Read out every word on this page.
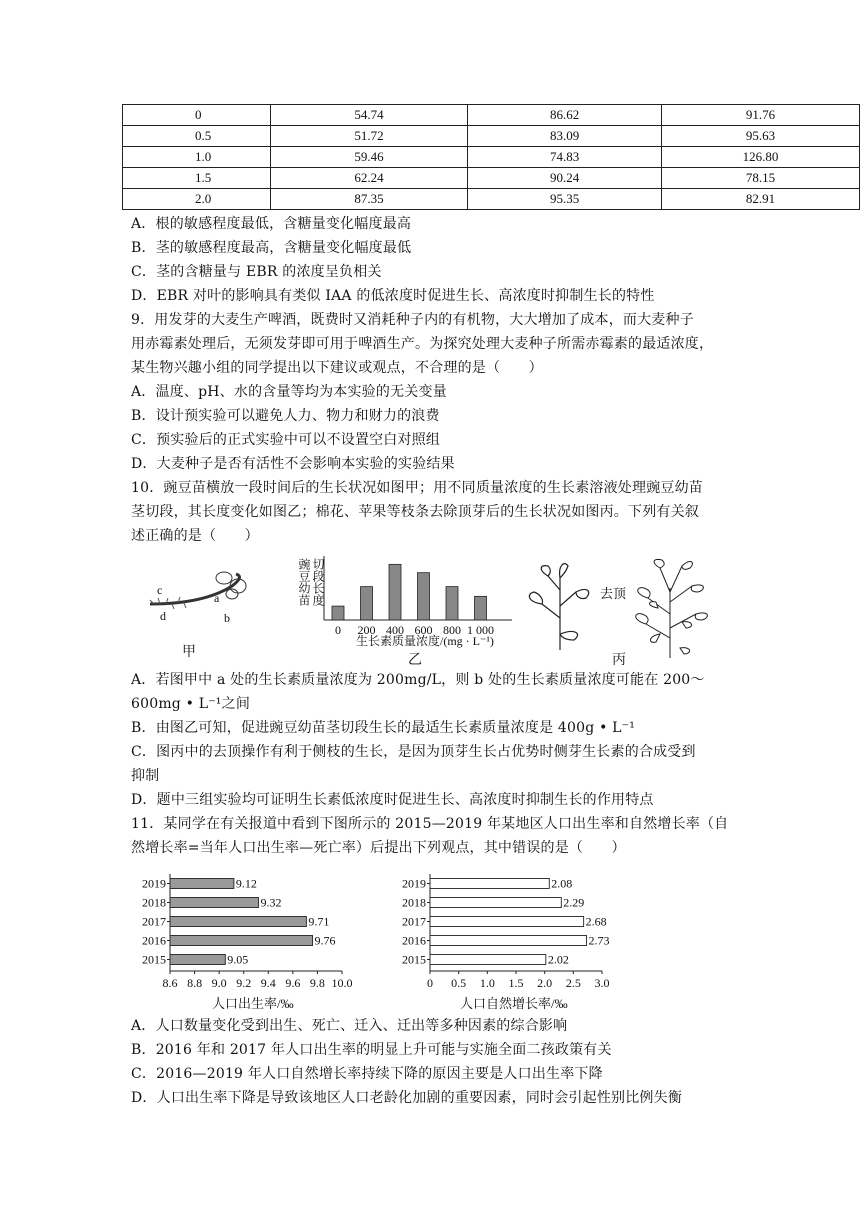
0	54.74	86.62	91.76
0.5	51.72	83.09	95.63
1.0	59.46	74.83	126.80
1.5	62.24	90.24	78.15
2.0	87.35	95.35	82.91
A．根的敏感程度最低，含糖量变化幅度最高
B．茎的敏感程度最高，含糖量变化幅度最低
C．茎的含糖量与 EBR 的浓度呈负相关
D．EBR 对叶的影响具有类似 IAA 的低浓度时促进生长、高浓度时抑制生长的特性
9．用发芽的大麦生产啤酒，既费时又消耗种子内的有机物，大大增加了成本，而大麦种子
用赤霉素处理后，无须发芽即可用于啤酒生产。为探究处理大麦种子所需赤霉素的最适浓度，
某生物兴趣小组的同学提出以下建议或观点，不合理的是（　　）
A．温度、pH、水的含量等均为本实验的无关变量
B．设计预实验可以避免人力、物力和财力的浪费
C．预实验后的正式实验中可以不设置空白对照组
D．大麦种子是否有活性不会影响本实验的实验结果
10．豌豆苗横放一段时间后的生长状况如图甲；用不同质量浓度的生长素溶液处理豌豆幼苗
茎切段，其长度变化如图乙；棉花、苹果等枝条去除顶芽后的生长状况如图丙。下列有关叙
述正确的是（　　）
c
d
a
b
甲
豌豆幼苗 切段长度
0 200 400 600 800 1 000
生长素质量浓度/(mg · L⁻¹)
乙
去顶
丙
A．若图甲中 a 处的生长素质量浓度为 200mg/L，则 b 处的生长素质量浓度可能在 200～
600mg • L⁻¹之间
B．由图乙可知，促进豌豆幼苗茎切段生长的最适生长素质量浓度是 400g • L⁻¹
C．图丙中的去顶操作有利于侧枝的生长，是因为顶芽生长占优势时侧芽生长素的合成受到
抑制
D．题中三组实验均可证明生长素低浓度时促进生长、高浓度时抑制生长的作用特点
11．某同学在有关报道中看到下图所示的 2015—2019 年某地区人口出生率和自然增长率（自
然增长率=当年人口出生率—死亡率）后提出下列观点，其中错误的是（　　）
2019	9.12
2018	9.32
2017	9.71
2016	9.76
2015	9.05
8.6 8.8 9.0 9.2 9.4 9.6 9.8 10.0
人口出生率/‰
2019	2.08
2018	2.29
2017	2.68
2016	2.73
2015	2.02
0 0.5 1.0 1.5 2.0 2.5 3.0
人口自然增长率/‰
A．人口数量变化受到出生、死亡、迁入、迁出等多种因素的综合影响
B．2016 年和 2017 年人口出生率的明显上升可能与实施全面二孩政策有关
C．2016—2019 年人口自然增长率持续下降的原因主要是人口出生率下降
D．人口出生率下降是导致该地区人口老龄化加剧的重要因素，同时会引起性别比例失衡
